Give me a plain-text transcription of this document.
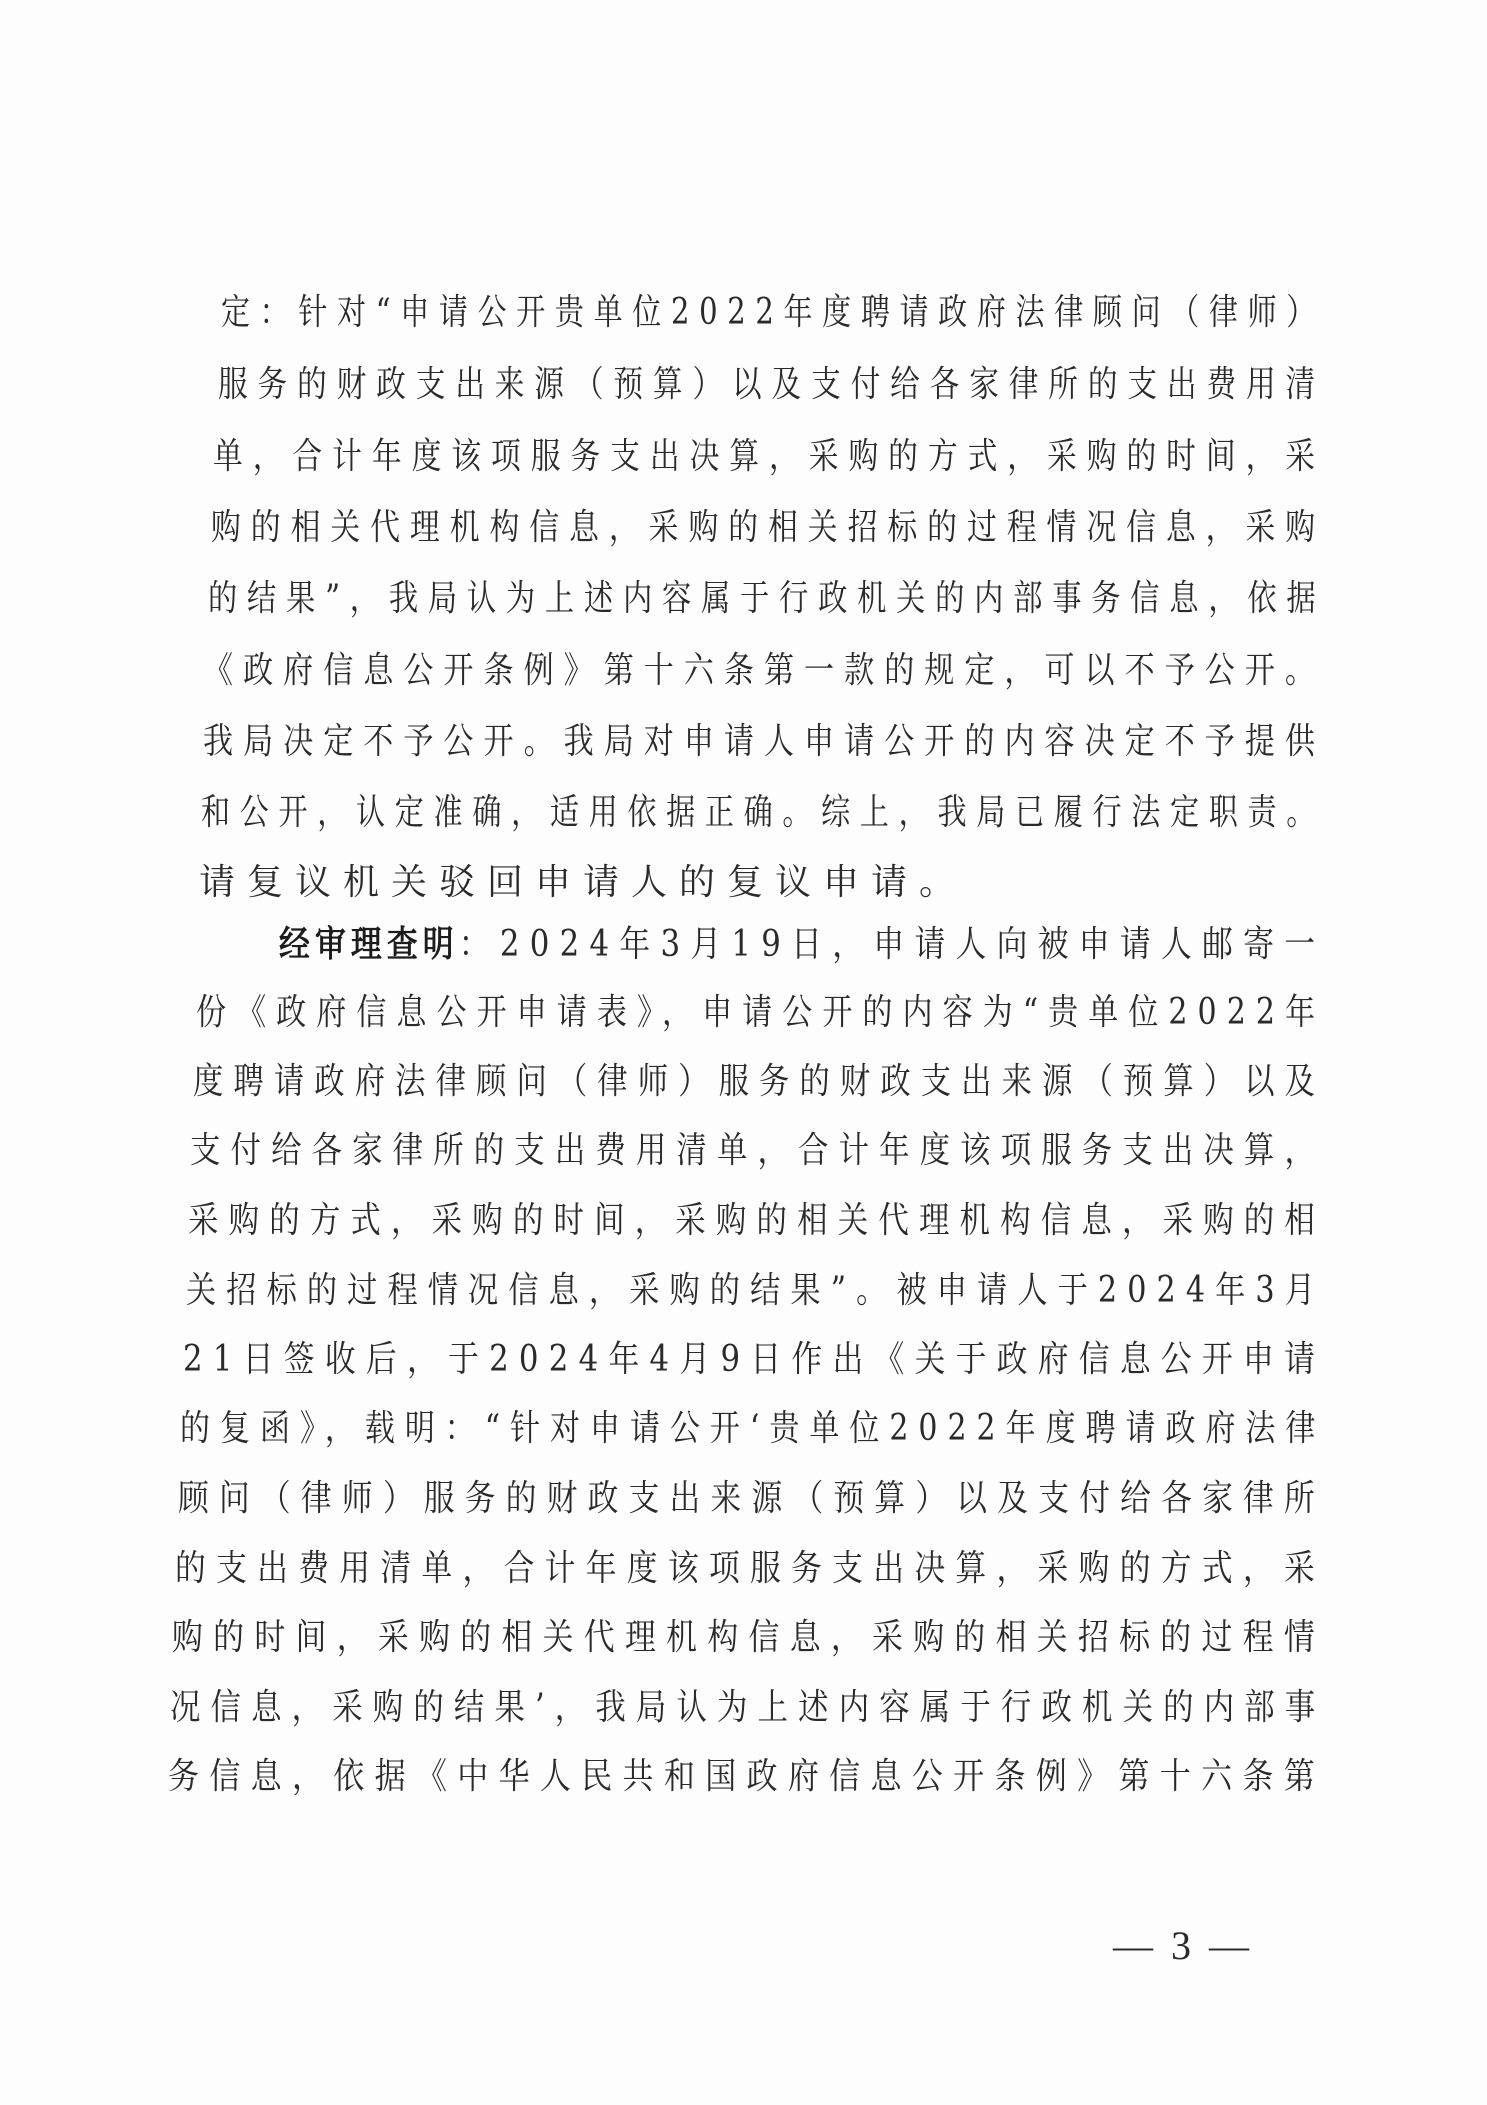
定：针对“申请公开贵单位2022年度聘请政府法律顾问（律师）
服务的财政支出来源（预算）以及支付给各家律所的支出费用清
单，合计年度该项服务支出决算，采购的方式，采购的时间，采
购的相关代理机构信息，采购的相关招标的过程情况信息，采购
的结果”，我局认为上述内容属于行政机关的内部事务信息，依据
《政府信息公开条例》第十六条第一款的规定，可以不予公开。
我局决定不予公开。我局对申请人申请公开的内容决定不予提供
和公开，认定准确，适用依据正确。综上，我局已履行法定职责。
请复议机关驳回申请人的复议申请。
经审理查明：2024年3月19日，申请人向被申请人邮寄一
份《政府信息公开申请表》，申请公开的内容为“贵单位2022年
度聘请政府法律顾问（律师）服务的财政支出来源（预算）以及
支付给各家律所的支出费用清单，合计年度该项服务支出决算，
采购的方式，采购的时间，采购的相关代理机构信息，采购的相
关招标的过程情况信息，采购的结果”。被申请人于2024年3月
21日签收后，于2024年4月9日作出《关于政府信息公开申请
的复函》，载明：“针对申请公开‘贵单位2022年度聘请政府法律
顾问（律师）服务的财政支出来源（预算）以及支付给各家律所
的支出费用清单，合计年度该项服务支出决算，采购的方式，采
购的时间，采购的相关代理机构信息，采购的相关招标的过程情
况信息，采购的结果’，我局认为上述内容属于行政机关的内部事
务信息，依据《中华人民共和国政府信息公开条例》第十六条第
— 3 —
